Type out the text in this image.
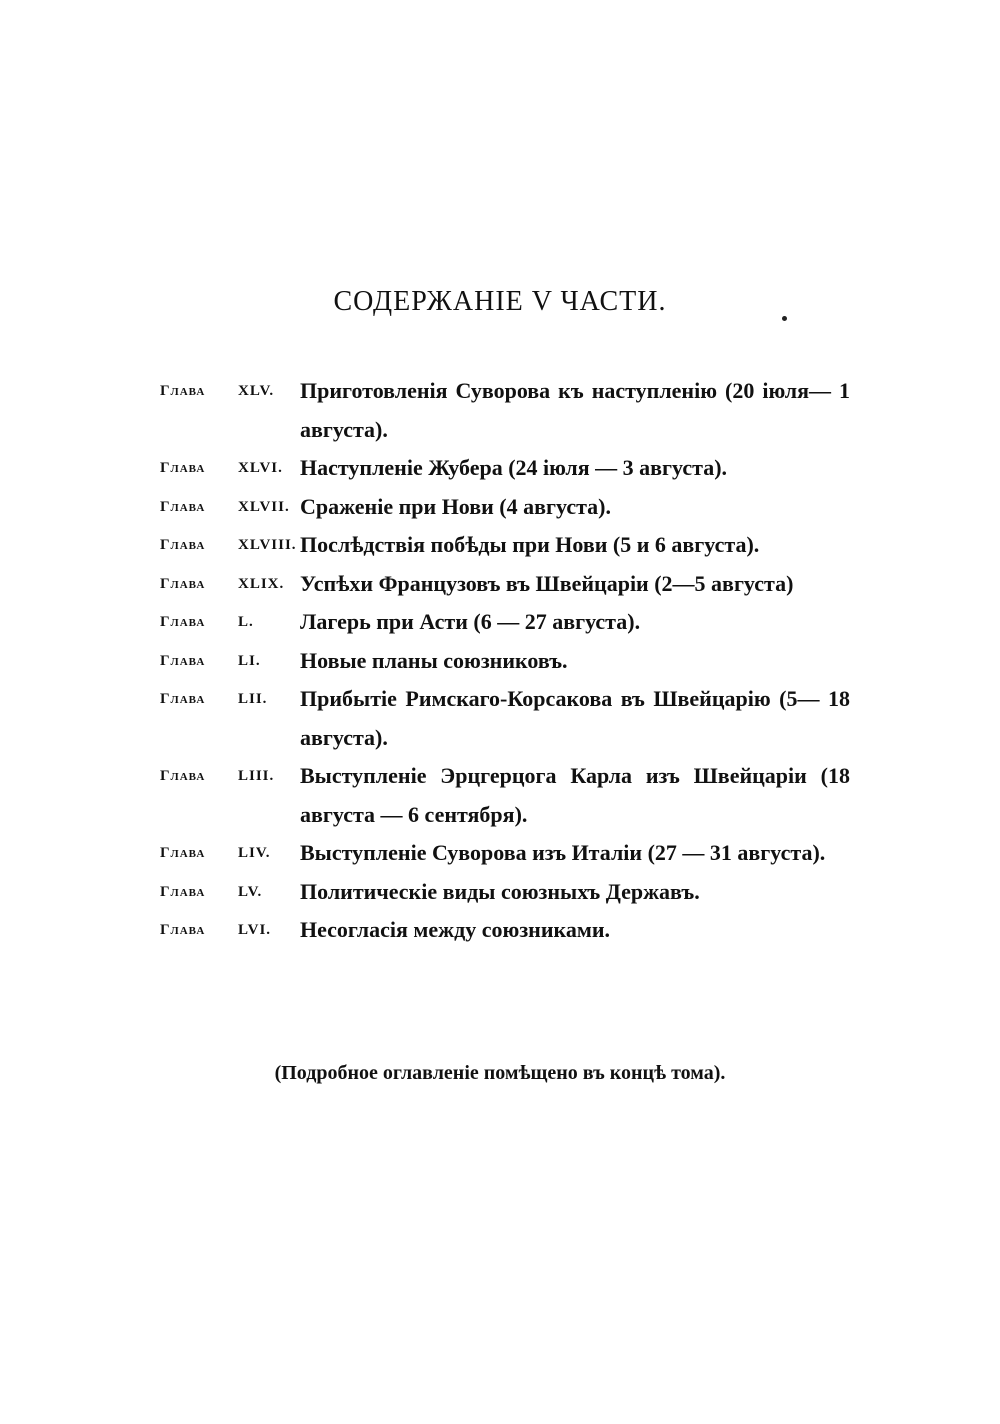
СОДЕРЖАНІЕ V ЧАСТИ.
Глава	XLV.	Приготовленія Суворова къ наступленію (20 іюля— 1 августа).
Глава	XLVI. Наступленіе Жубера (24 іюля — 3 августа).
Глава	XLVII. Сраженіе при Нови (4 августа).
Глава	XLVIII. Послѣдствія побѣды при Нови (5 и 6 августа).
Глава	XLIX. Успѣхи Французовъ въ Швейцаріи (2—5 августа)
Глава	L.	Лагерь при Асти (6 — 27 августа).
Глава	LI.	Новые планы союзниковъ.
Глава	LII.	Прибытіе Римскаго-Корсакова въ Швейцарію (5— 18 августа).
Глава	LIII.	Выступленіе Эрцгерцога Карла изъ Швейцаріи (18 августа — 6 сентября).
Глава	LIV.	Выступленіе Суворова изъ Италіи (27 — 31 августа).
Глава	LV.	Политическіе виды союзныхъ Державъ.
Глава	LVI.	Несогласія между союзниками.
(Подробное оглавленіе помѣщено въ концѣ тома).
